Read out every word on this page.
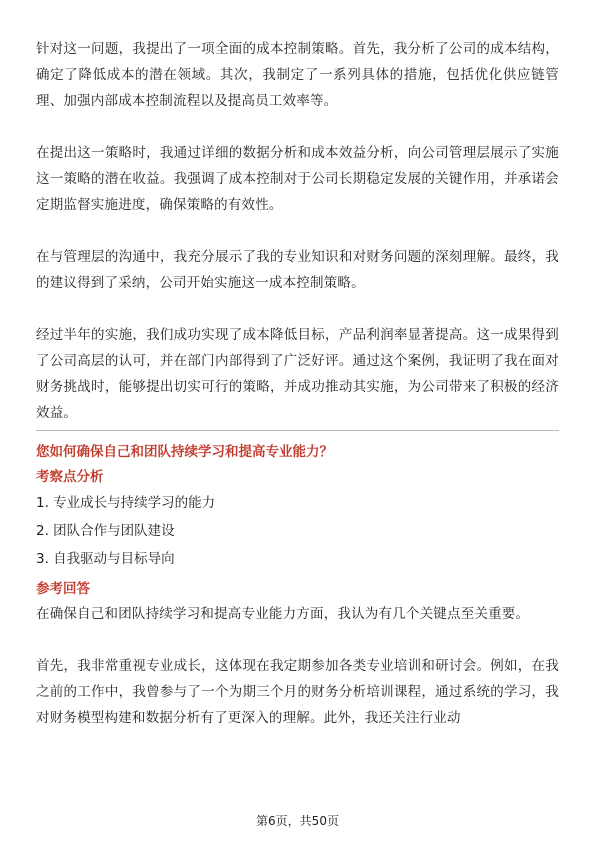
针对这一问题，我提出了一项全面的成本控制策略。首先，我分析了公司的成本结构，确定了降低成本的潜在领域。其次，我制定了一系列具体的措施，包括优化供应链管理、加强内部成本控制流程以及提高员工效率等。

在提出这一策略时，我通过详细的数据分析和成本效益分析，向公司管理层展示了实施这一策略的潜在收益。我强调了成本控制对于公司长期稳定发展的关键作用，并承诺会定期监督实施进度，确保策略的有效性。

在与管理层的沟通中，我充分展示了我的专业知识和对财务问题的深刻理解。最终，我的建议得到了采纳，公司开始实施这一成本控制策略。

经过半年的实施，我们成功实现了成本降低目标，产品利润率显著提高。这一成果得到了公司高层的认可，并在部门内部得到了广泛好评。通过这个案例，我证明了我在面对财务挑战时，能够提出切实可行的策略，并成功推动其实施，为公司带来了积极的经济效益。

您如何确保自己和团队持续学习和提高专业能力？

考察点分析

1. 专业成长与持续学习的能力
2. 团队合作与团队建设
3. 自我驱动与目标导向

参考回答

在确保自己和团队持续学习和提高专业能力方面，我认为有几个关键点至关重要。

首先，我非常重视专业成长，这体现在我定期参加各类专业培训和研讨会。例如，在我之前的工作中，我曾参与了一个为期三个月的财务分析培训课程，通过系统的学习，我对财务模型构建和数据分析有了更深入的理解。此外，我还关注行业动

第6页，共50页
